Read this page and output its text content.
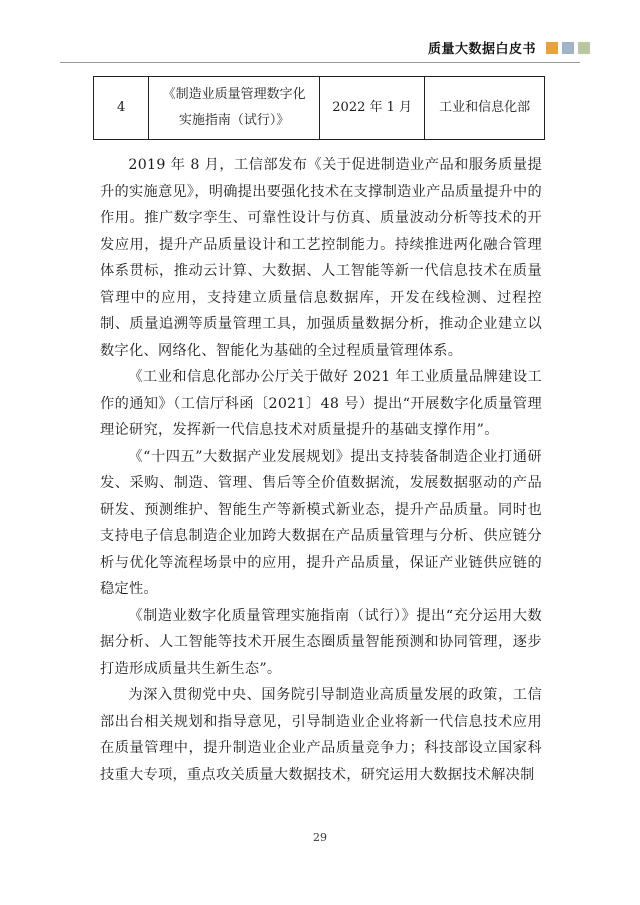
质量大数据白皮书
4	《制造业质量管理数字化实施指南（试行）》	2022 年 1 月	工业和信息化部

2019 年 8 月，工信部发布《关于促进制造业产品和服务质量提升的实施意见》，明确提出要强化技术在支撑制造业产品质量提升中的作用。推广数字孪生、可靠性设计与仿真、质量波动分析等技术的开发应用，提升产品质量设计和工艺控制能力。持续推进两化融合管理体系贯标，推动云计算、大数据、人工智能等新一代信息技术在质量管理中的应用，支持建立质量信息数据库，开发在线检测、过程控制、质量追溯等质量管理工具，加强质量数据分析，推动企业建立以数字化、网络化、智能化为基础的全过程质量管理体系。

《工业和信息化部办公厅关于做好 2021 年工业质量品牌建设工作的通知》（工信厅科函〔2021〕48 号）提出“开展数字化质量管理理论研究，发挥新一代信息技术对质量提升的基础支撑作用”。

《“十四五”大数据产业发展规划》提出支持装备制造企业打通研发、采购、制造、管理、售后等全价值数据流，发展数据驱动的产品研发、预测维护、智能生产等新模式新业态，提升产品质量。同时也支持电子信息制造企业加跨大数据在产品质量管理与分析、供应链分析与优化等流程场景中的应用，提升产品质量，保证产业链供应链的稳定性。

《制造业数字化质量管理实施指南（试行）》提出“充分运用大数据分析、人工智能等技术开展生态圈质量智能预测和协同管理，逐步打造形成质量共生新生态”。

为深入贯彻党中央、国务院引导制造业高质量发展的政策，工信部出台相关规划和指导意见，引导制造业企业将新一代信息技术应用在质量管理中，提升制造业企业产品质量竞争力；科技部设立国家科技重大专项，重点攻关质量大数据技术，研究运用大数据技术解决制

29
